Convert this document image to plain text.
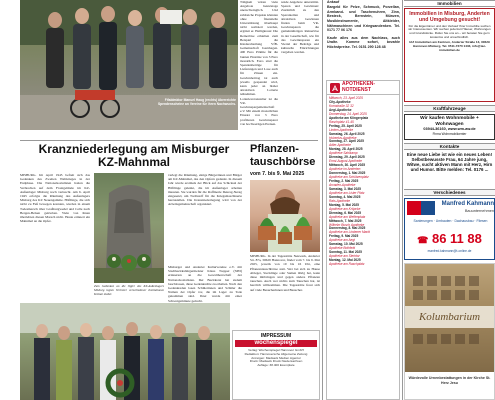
Fifaldmktor Manuel Haug (rechts) überreichte Spendenscheine an Vereine für ihren Nachwuchs.
Tätigkeit wären viele Angebote heutzutage unerschwinglich. Und zahlreiche Projekte könnten ohne finanzielle Unterstützung überhaupt nicht realisiert werden, ergänzt er. Heiligkreuz: Die Reinerlöse erhielten zum Beispiel die Kinderabteilung VfB-Gemeinschaft Isernhagen. 400 Euro Prämie für die bunten Einsätze von 3 Euro monatlich. Euro sind die Spendenbeträge für Lieferungen und Lose auch für Zinsen ein. Gewinnbeitrag ist auch jeweils gespendet wird, kann jeder an bisher attraktiven Lotterie teilnehmen. Lotterieveranstalter ist die VR-Gewinnspargemeinschaft e.V. Mit einem monatlichen Einsatz von 3 Euro profitieren Gewinnsparer von hochwertigen Preisen.
rende Angebote unterstützt. Sparen und Gewinnen: Zusätzlich zu den Sparanteilen und attraktiven Gewinnen finden beim VR-Gewinnsparen die gemeinnützigen Reinerlöse in der Gesellschaft, wie für das Gewinnsparen ein Viertel der Beiträge und kulturelle Einrichtungen vergeben werden.

Ankauf

Bargeld für Pelze, Schmuck, Porzellan, Armband- und Taschenuhren, Zinn, Besteck, Bernstein, Münzen, Musikinstrumente, Altkleider, Nähmaschinen und Kriegsandenken. Tel. 0171 77 06 176

Kaufe alles aus dem Nachlass, auch Uralte. Komme sofort, bezahle Höchstpreise. Tel. 0151 290 128 48

APOTHEKEN-NOTDIENST
Mittwoch, 23. April 2025
City-Apotheke
Kornstraße 32 32
Aegi-Apotheke
Donnerstag, 24. April 2025
Apotheke am Klingerplatz
Raschplatz 41-45
Freitag, 25. April 2025
Linden-Apotheke
Samstag, 26. April 2025
Hubertus-Apotheke
Sonntag, 27. April 2025
Adler-Apotheke
Montag, 28. April 2025
Apotheke Sahlkamp
Dienstag, 29. April 2025
Ernst-August-Apotheke
Mittwoch, 30. April 2025
Apotheke im Anderten
Donnerstag, 1. Mai 2025
Apotheke am Schützenplatz
Freitag, 2. Mai 2025
Arcaden-Apotheke
Samstag, 3. Mai 2025
Apotheke am Lister Platz
Sonntag, 4. Mai 2025
Rats-Apotheke
Montag, 5. Mai 2025
Apotheke am Kröpcke
Dienstag, 6. Mai 2025
Apotheke am Welfenplatz
Mittwoch, 7. Mai 2025
Wilhelm Busch Apotheke
Donnerstag, 8. Mai 2025
Apotheke am Lindener Markt
Freitag, 9. Mai 2025
Apotheke am Aegi
Samstag, 10. Mai 2025
Apotheke Bothfeld
Sonntag, 11. Mai 2025
Apotheke am Steintor
Montag, 12. Mai 2025
Apotheke am Raschplatz
Immobilien
Immobilien in Misburg, Anderten und Umgebung gesucht!
Für die Eigentümer und den Verkauf Ihrer Immobilie suchen wir Interessenten. Wir suchen jederzeit Häuser, Wohnungen und Grundstücke. Rufen Sie uns an – wir beraten Sie gern kostenlos und unverbindlich.
IAZ Immobilien am Zentrum, Anderter Straße 13, 30629 Hannover-Misburg, Tel. 0511-7270 1433, info@iaz-immobilien.de
Kraftfahrzeuge
Wir kaufen Wohnmobile + Wohnwagen
03944-36160, www.wm-aw.de
Firma Wohnmobilcenter
Kontakte
Eine neue Liebe ist wie ein neues Leben! Selbstbewusste Frau, 64 Jahre jung, Witwe, sucht aktiven Mann mit Herz, Hirn und Humor. Bitte melden: Tel. 0176 ...
Verschiedenes
Manfred Kahmann
Bauunternehmen
Sanierungen · Umbauten · Dachausbau · Fliesen
☎ 86 11 88
manfred.kahmann@t-online.de
Kolumbarium
Würdevolle Urnenbestattungen in der Kirche St. Herz Jesu
Kranzniederlegung am Misburger
KZ-Mahnmal
MISBURG. Im April 1945 befreit sich das Gedenken des Zweiten Weltkrieges in der Endphase. Die Nationalsozialisten hatten die Verbrechen auf dem Frontgelände im KZ-Außenlager Misburg noch vertuscht. Am 6. April 1945 erfolgte die Räumung des Außenlagers Misburg des KZ Neuengamme. Häftlinge, die sich nicht zu Fuß bewegen konnten, wurden in einem Todesmarsch über Großburgwedel und Celle nach Bergen-Belsen getrieben. Viele von ihnen überlebten diesen Marsch nicht. Heute erinnert ein Mahnmal an die Opfer.
Zum Gedenken an die Opfer des KZ-Außenlagers Misburg legten Vertreter verschiedener Institutionen Kränze nieder.
verlegt die Räumung, einige Bürgerinnen und Bürger am KZ-Mahnmal, das den Opfern gedenkt. In diesem Jahr wurde erstmals der Blick auf das Schicksal der Häftlinge gelenkt, die im Außenlager arbeiten mussten. Sie wurden für die Raffinerie Deurag-Nerag eingesetzt, um Treibstoff für die Kriegsmaschinerie herzustellen. Die Kranzniederlegung wird von der Arbeitsgemeinschaft organisiert.
Misburger und Anderter Kulturvereine e.V. mit Stadtbezirksbürgermeister Klaus Trepper (SPD) erinnerten an die Gewaltherrschaft der Nationalsozialisten. Der Bezirksrat hat zudem beschlossen, diese Gedenkstätte zu erhalten. Nach den Gedenkreden lasen Schülerinnen und Schüler die Namen der Opfer vor, die im Lager zu Tode gekommen sind. Ihrer wurde mit einer Schweigeminute gedacht.
Pflanzen-
tauschbörse
vom 7. bis 9. Mai 2025
MISBURG. In der Tagesstätte Neuwerk, Anderter Str. 87a, 30629 Hannover, findet vom 7. bis 9. Mai 2025, jeweils von 10 bis 16 Uhr, eine Pflanzentauschbörse statt. Wer bei sich zu Hause Ableger, Stecklinge oder Samen übrig hat, kann diese mitbringen und gegen andere Pflanzen tauschen. Auch wer nichts zum Tauschen hat, ist herzlich willkommen. Die Tagesstätte freut sich auf viele Besucherinnen und Besucher.
IMPRESSUM
wochenspiegel
Verlag: Wochenspiegel Hannover GmbH
Redaktion: Hannoversche Allgemeine Zeitung
Anzeigen: Madsack Medien Agentur
Druck: Madsack Druck Niedersachsen
Auflage: 38.400 Exemplare
